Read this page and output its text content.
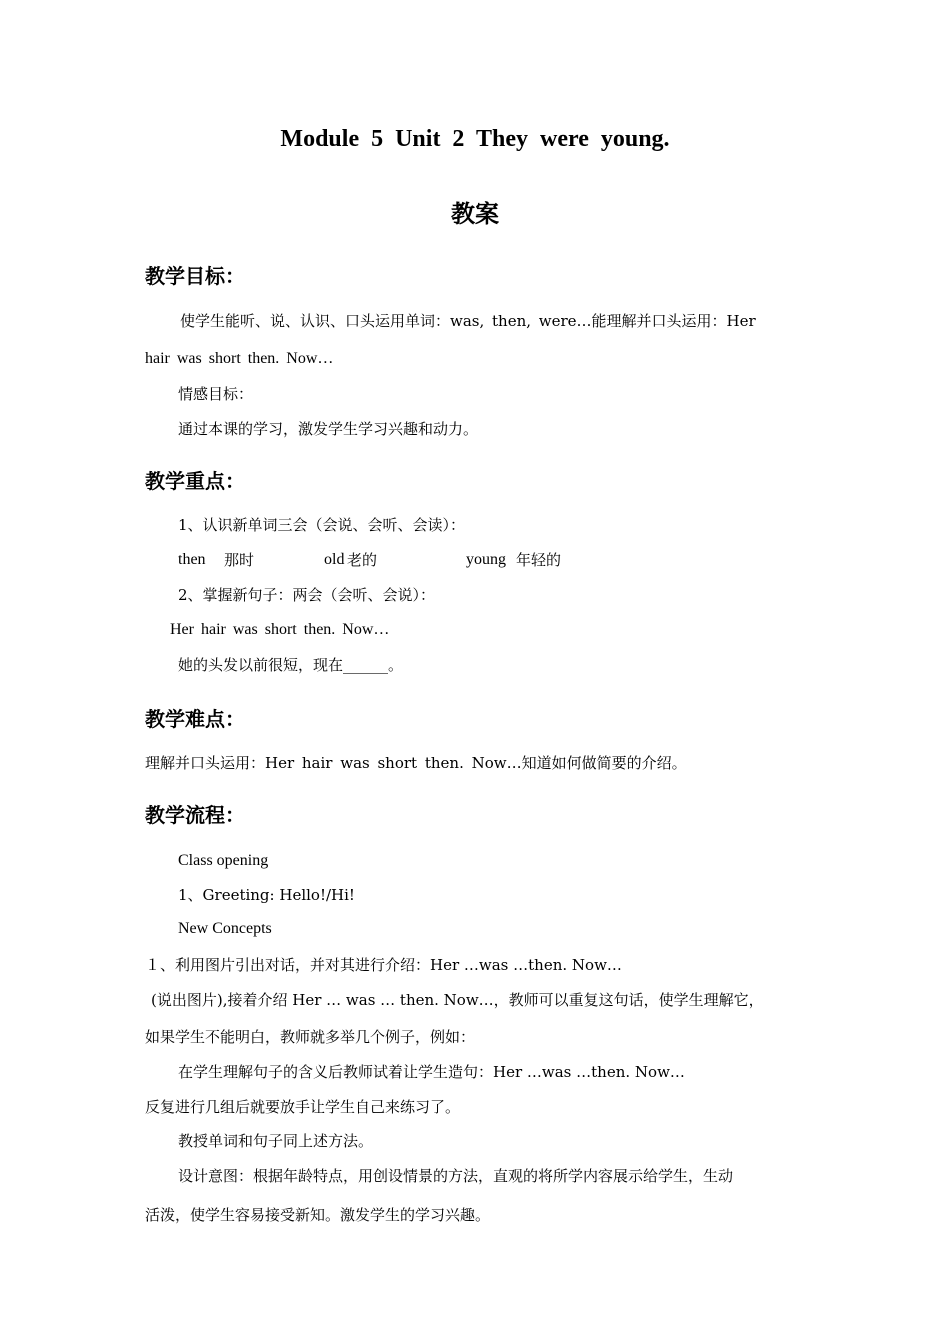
Module 5 Unit 2 They were young.
教案
教学目标：
使学生能听、说、认识、口头运用单词：was, then, were…能理解并口头运用：Her
hair was short then. Now…
情感目标：
通过本课的学习，激发学生学习兴趣和动力。
教学重点：
1、认识新单词三会（会说、会听、会读）：
then 那时	old 老的	young 年轻的
2、掌握新句子：两会（会听、会说）：
Her hair was short then. Now…
她的头发以前很短，现在______。
教学难点：
理解并口头运用：Her hair was short then. Now…知道如何做简要的介绍。
教学流程：
Class opening
1、Greeting: Hello!/Hi!
New Concepts
１、利用图片引出对话，并对其进行介绍：Her …was …then. Now…
(说出图片),接着介绍 Her … was … then. Now…，教师可以重复这句话，使学生理解它，
如果学生不能明白，教师就多举几个例子，例如：
在学生理解句子的含义后教师试着让学生造句：Her …was …then. Now…
反复进行几组后就要放手让学生自己来练习了。
教授单词和句子同上述方法。
设计意图：根据年龄特点，用创设情景的方法，直观的将所学内容展示给学生，生动
活泼，使学生容易接受新知。激发学生的学习兴趣。
